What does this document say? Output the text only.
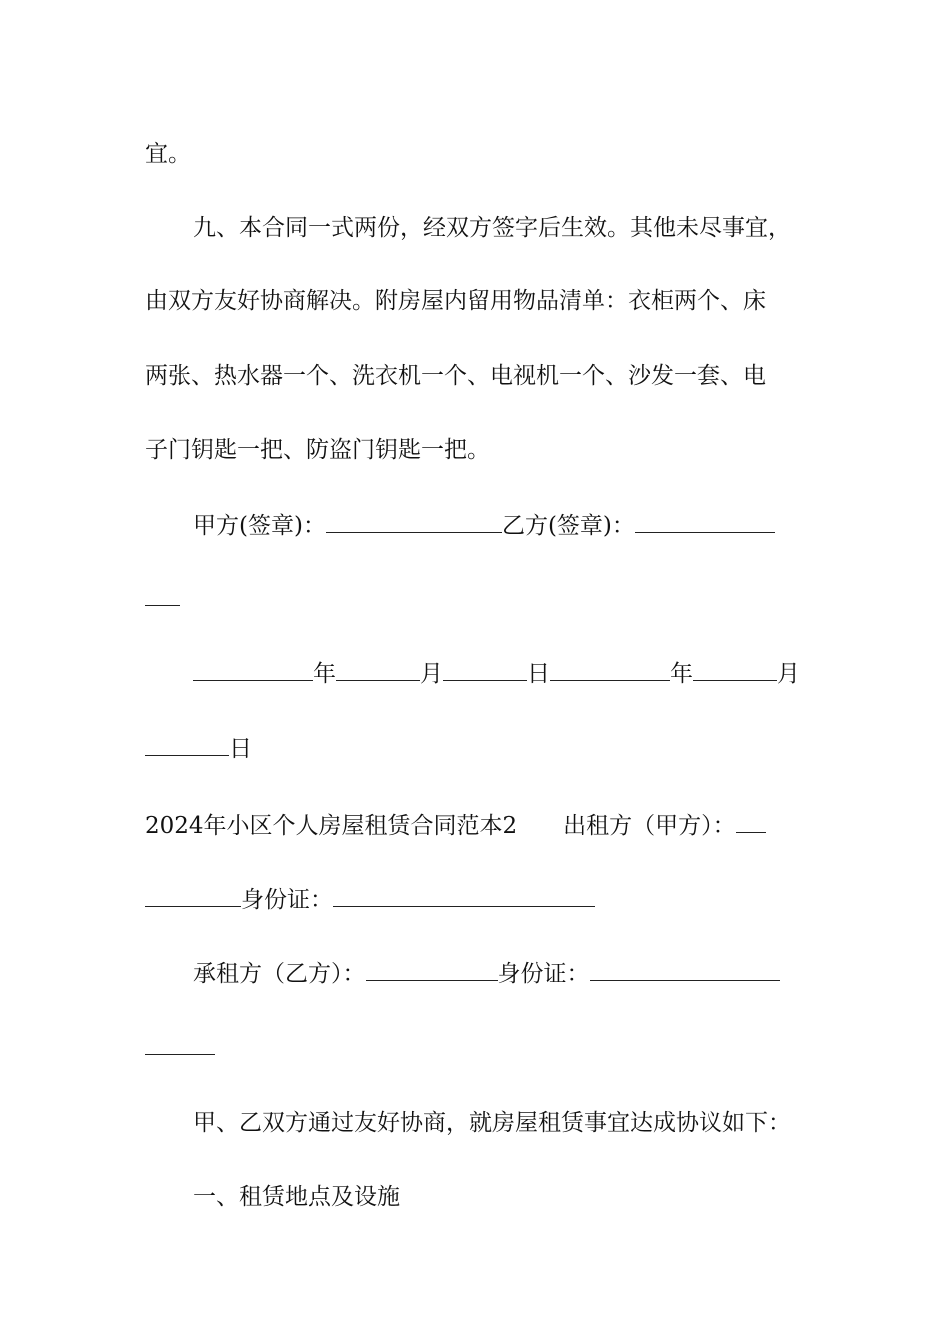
宜。
九、本合同一式两份，经双方签字后生效。其他未尽事宜，
由双方友好协商解决。附房屋内留用物品清单：衣柜两个、床
两张、热水器一个、洗衣机一个、电视机一个、沙发一套、电
子门钥匙一把、防盗门钥匙一把。
甲方(签章)：	乙方(签章)：
年	月	日	年	月
日
2024年小区个人房屋租赁合同范本2 出租方（甲方）：
身份证：
承租方（乙方）：	身份证：
甲、乙双方通过友好协商，就房屋租赁事宜达成协议如下：
一、租赁地点及设施
